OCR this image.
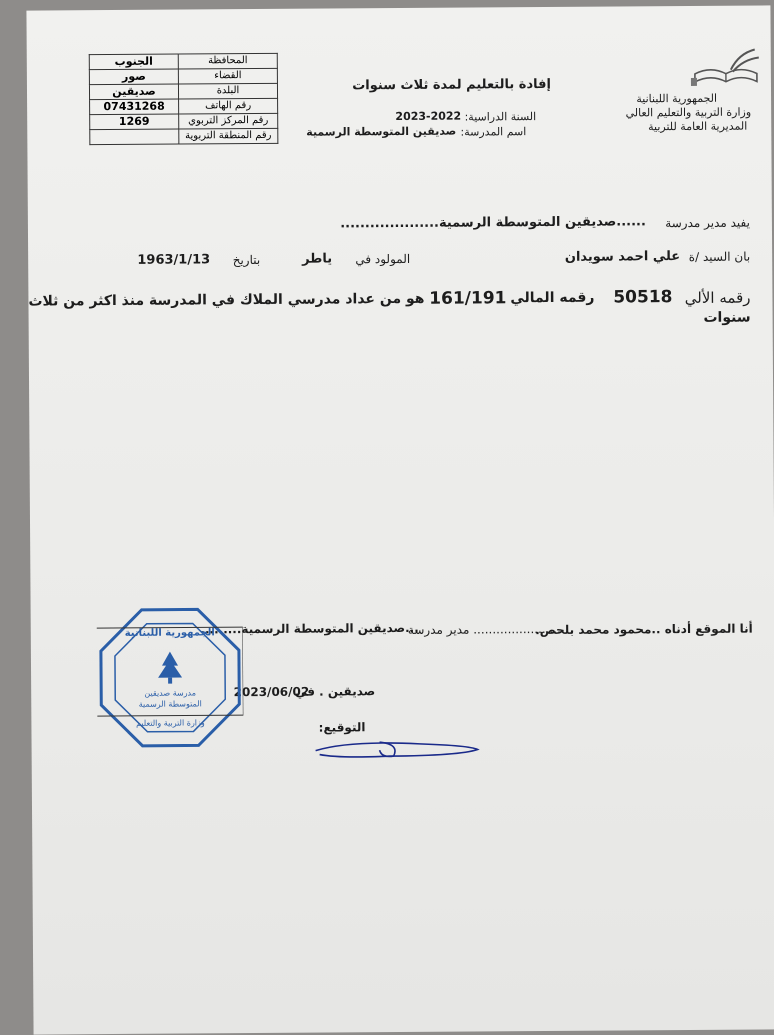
الجنوب	المحافظة
صور	القضاء
صديقين	البلدة
07431268	رقم الهاتف
1269	رقم المركز التربوي
	رقم المنطقة التربوية
إفادة بالتعليم لمدة ثلاث سنوات
السنة الدراسية:
2023-2022
اسم المدرسة:
صديقين المتوسطة الرسمية
الجمهورية اللبنانية
وزارة التربية والتعليم العالي
المديرية العامة للتربية
يفيد مدير مدرسة
......صديقين المتوسطة الرسمية....................
بان السيد /ة
علي احمد سويدان
المولود في
ياطر
بتاريخ
1963/1/13
رقمه الألي
50518
رقمه المالي
161/191
هو من عداد مدرسي الملاك في المدرسة منذ اكثر من ثلاث
سنوات
أنا الموقع أدناه ..محمود محمد بلحص.
........................ مدير مدرسة
...صديقين المتوسطة الرسمية.........
صديقين . في
2023/06/02
التوقيع:
الجمهورية اللبنانية
مدرسة صديقين
المتوسطة الرسمية
وزارة التربية والتعليم
